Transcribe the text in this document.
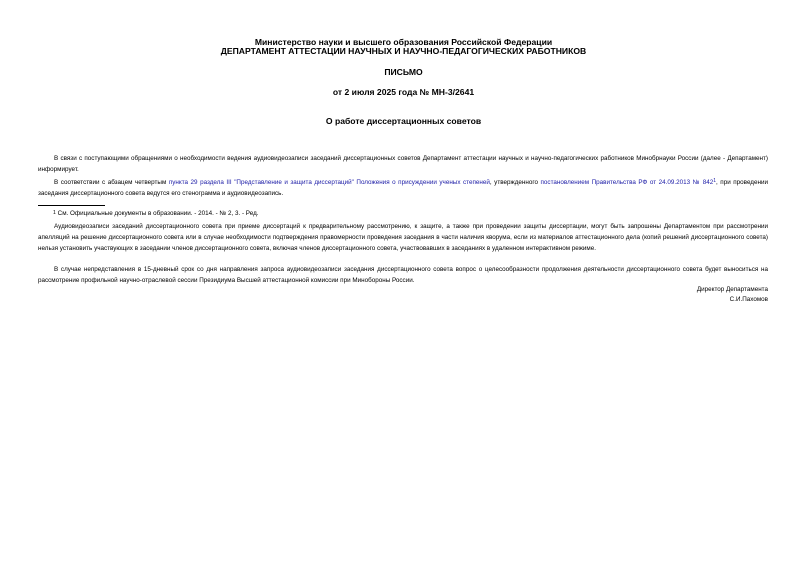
Министерство науки и высшего образования Российской Федерации
ДЕПАРТАМЕНТ АТТЕСТАЦИИ НАУЧНЫХ И НАУЧНО-ПЕДАГОГИЧЕСКИХ РАБОТНИКОВ
ПИСЬМО
от 2 июля 2025 года № МН-3/2641
О работе диссертационных советов

В связи с поступающими обращениями о необходимости ведения аудиовидеозаписи заседаний диссертационных советов Департамент аттестации научных и научно-педагогических работников Минобрнауки России (далее - Департамент) информирует.

В соответствии с абзацем четвертым пункта 29 раздела III "Представление и защита диссертаций" Положения о присуждении ученых степеней, утвержденного постановлением Правительства РФ от 24.09.2013 № $842^1$, при проведении заседания диссертационного совета ведутся его стенограмма и аудиовидеозапись.

1 См. Официальные документы в образовании. - 2014. - № 2, 3. - Ред.

Аудиовидеозаписи заседаний диссертационного совета при приеме диссертаций к предварительному рассмотрению, к защите, а также при проведении защиты диссертации, могут быть запрошены Департаментом при рассмотрении апелляций на решение диссертационного совета или в случае необходимости подтверждения правомерности проведения заседания в части наличия кворума, если из материалов аттестационного дела (копий решений диссертационного совета) нельзя установить участвующих в заседании членов диссертационного совета, включая членов диссертационного совета, участвовавших в заседаниях в удаленном интерактивном режиме.

В случае непредставления в 15-дневный срок со дня направления запроса аудиовидеозаписи заседания диссертационного совета вопрос о целесообразности продолжения деятельности диссертационного совета будет выноситься на рассмотрение профильной научно-отраслевой сессии Президиума Высшей аттестационной комиссии при Минобороны России.

Директор Департамента
С.И.Пахомов
